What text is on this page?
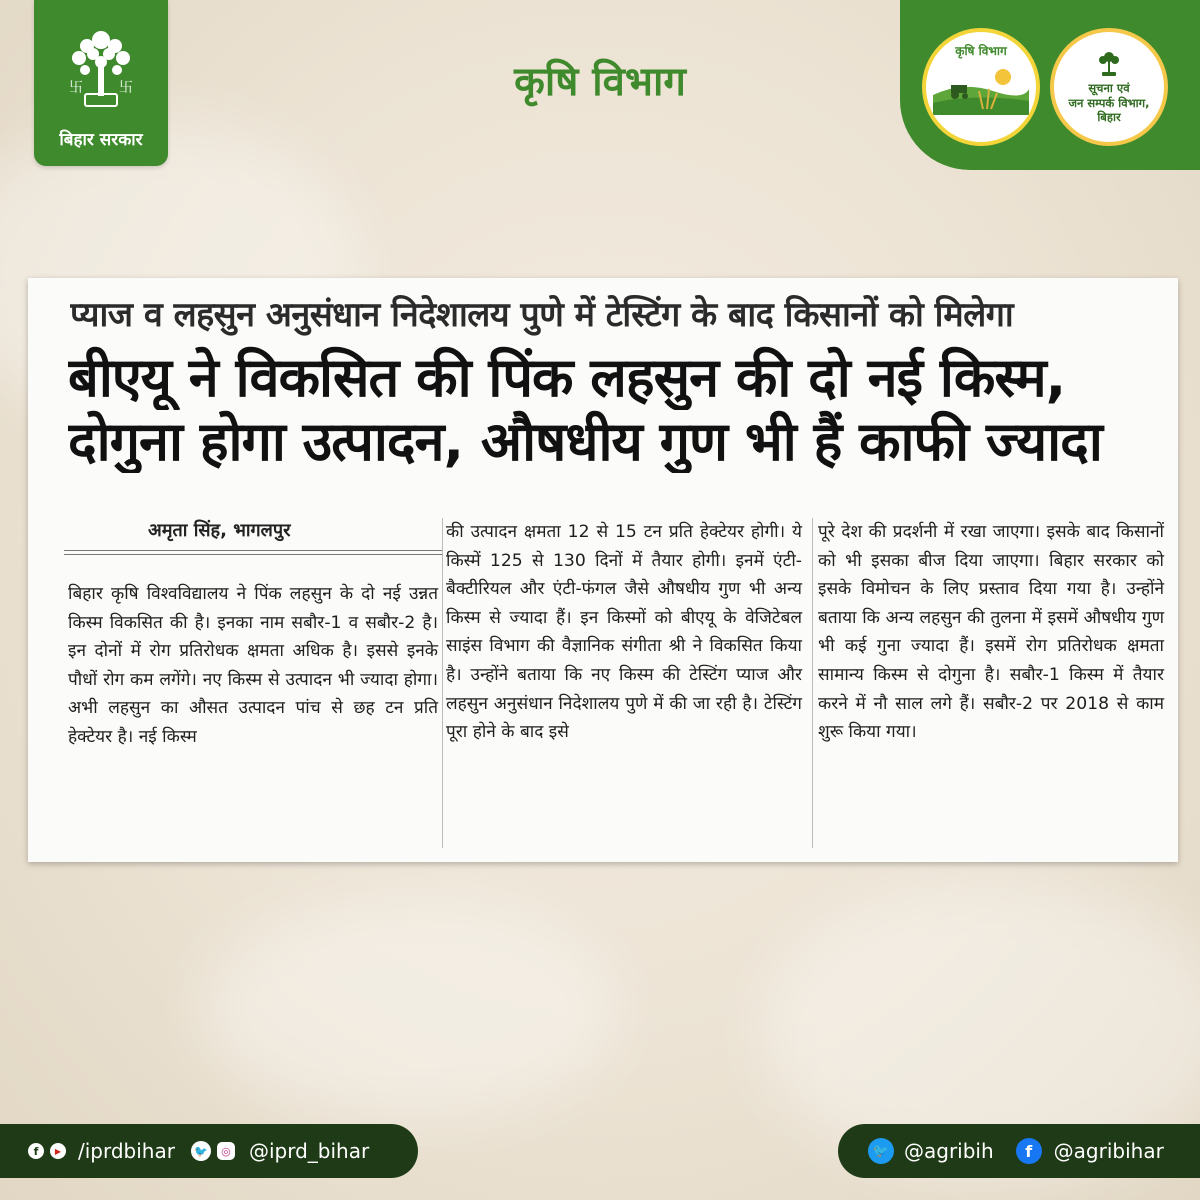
卐	卐
बिहार सरकार
कृषि विभाग
कृषि विभाग
सूचना एवं
जन सम्पर्क विभाग,
बिहार
प्याज व लहसुन अनुसंधान निदेशालय पुणे में टेस्टिंग के बाद किसानों को मिलेगा
बीएयू ने विकसित की पिंक लहसुन की दो नई किस्म,
दोगुना होगा उत्पादन, औषधीय गुण भी हैं काफी ज्यादा
अमृता सिंह, भागलपुर
बिहार कृषि विश्वविद्यालय ने पिंक लहसुन के दो नई उन्नत किस्म विकसित की है। इनका नाम सबौर-1 व सबौर-2 है। इन दोनों में रोग प्रतिरोधक क्षमता अधिक है। इससे इनके पौधों रोग कम लगेंगे। नए किस्म से उत्पादन भी ज्यादा होगा। अभी लहसुन का औसत उत्पादन पांच से छह टन प्रति हेक्टेयर है। नई किस्म
की उत्पादन क्षमता 12 से 15 टन प्रति हेक्टेयर होगी। ये किस्में 125 से 130 दिनों में तैयार होगी। इनमें एंटी-बैक्टीरियल और एंटी-फंगल जैसे औषधीय गुण भी अन्य किस्म से ज्यादा हैं। इन किस्मों को बीएयू के वेजिटेबल साइंस विभाग की वैज्ञानिक संगीता श्री ने विकसित किया है। उन्होंने बताया कि नए किस्म की टेस्टिंग प्याज और लहसुन अनुसंधान निदेशालय पुणे में की जा रही है। टेस्टिंग पूरा होने के बाद इसे
पूरे देश की प्रदर्शनी में रखा जाएगा। इसके बाद किसानों को भी इसका बीज दिया जाएगा। बिहार सरकार को इसके विमोचन के लिए प्रस्ताव दिया गया है। उन्होंने बताया कि अन्य लहसुन की तुलना में इसमें औषधीय गुण भी कई गुना ज्यादा हैं। इसमें रोग प्रतिरोधक क्षमता सामान्य किस्म से दोगुना है। सबौर-1 किस्म में तैयार करने में नौ साल लगे हैं। सबौर-2 पर 2018 से काम शुरू किया गया।
f	▶ /iprdbihar 🐦	◎ @iprd_bihar	🐦 @agribih	f	@agribihar
